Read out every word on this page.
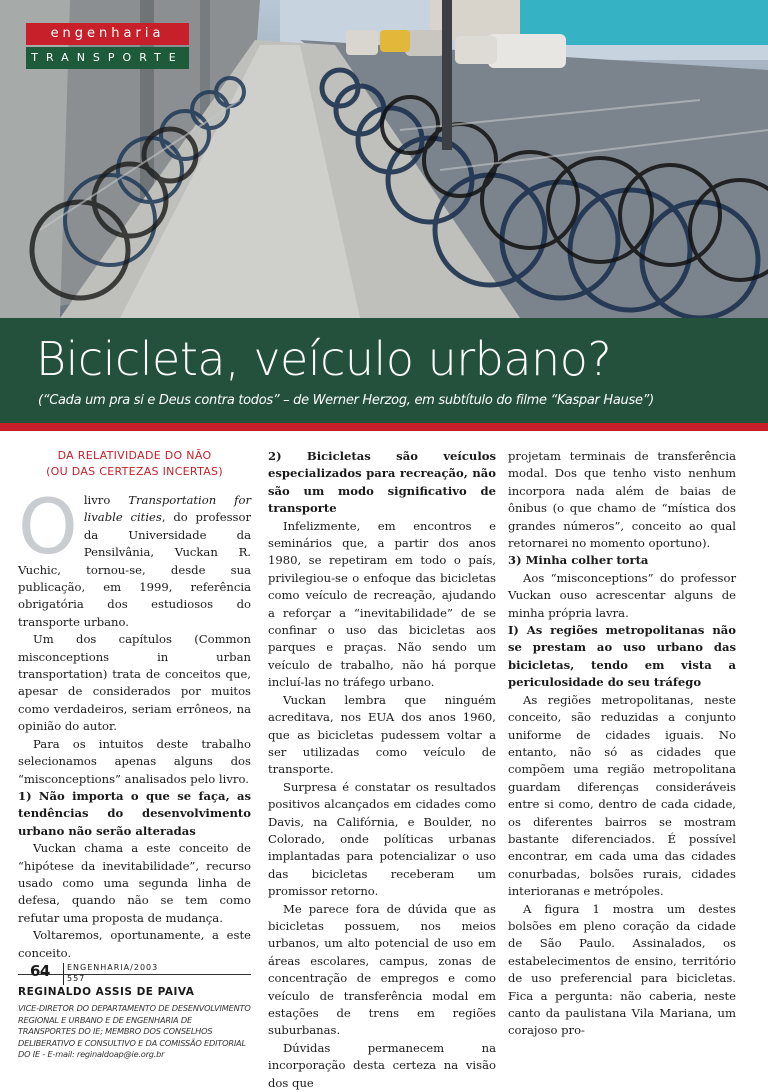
engenharia
TRANSPORTE
Bicicleta, veículo urbano?
(“Cada um pra si e Deus contra todos” – de Werner Herzog, em subtítulo do filme “Kaspar Hause”)
DA RELATIVIDADE DO NÃO
(OU DAS CERTEZAS INCERTAS)

Olivro Transportation for livable cities, do professor da Universidade da Pensilvânia, Vuckan R. Vuchic, tornou-se, desde sua publicação, em 1999, referência obrigatória dos estudiosos do transporte urbano.

Um dos capítulos (Common misconceptions in urban transportation) trata de conceitos que, apesar de considerados por muitos como verdadeiros, seriam errôneos, na opinião do autor.

Para os intuitos deste trabalho selecionamos apenas alguns dos “misconceptions” analisados pelo livro.

1) Não importa o que se faça, as tendências do desenvolvimento urbano não serão alteradas

Vuckan chama a este conceito de “hipótese da inevitabilidade”, recurso usado como uma segunda linha de defesa, quando não se tem como refutar uma proposta de mudança.

Voltaremos, oportunamente, a este conceito.

REGINALDO ASSIS DE PAIVA
VICE-DIRETOR DO DEPARTAMENTO DE DESENVOLVIMENTO REGIONAL E URBANO E DE ENGENHARIA DE TRANSPORTES DO IE; MEMBRO DOS CONSELHOS DELIBERATIVO E CONSULTIVO E DA COMISSÃO EDITORIAL DO IE - E-mail: reginaldoap@ie.org.br

2) Bicicletas são veículos especializados para recreação, não são um modo significativo de transporte

Infelizmente, em encontros e seminários que, a partir dos anos 1980, se repetiram em todo o país, privilegiou-se o enfoque das bicicletas como veículo de recreação, ajudando a reforçar a “inevitabilidade” de se confinar o uso das bicicletas aos parques e praças. Não sendo um veículo de trabalho, não há porque incluí-las no tráfego urbano.

Vuckan lembra que ninguém acreditava, nos EUA dos anos 1960, que as bicicletas pudessem voltar a ser utilizadas como veículo de transporte.

Surpresa é constatar os resultados positivos alcançados em cidades como Davis, na Califórnia, e Boulder, no Colorado, onde políticas urbanas implantadas para potencializar o uso das bicicletas receberam um promissor retorno.

Me parece fora de dúvida que as bicicletas possuem, nos meios urbanos, um alto potencial de uso em áreas escolares, campus, zonas de concentração de empregos e como veículo de transferência modal em estações de trens em regiões suburbanas.

Dúvidas permanecem na incorporação desta certeza na visão dos que

projetam terminais de transferência modal. Dos que tenho visto nenhum incorpora nada além de baias de ônibus (o que chamo de “mística dos grandes números”, conceito ao qual retornarei no momento oportuno).

3) Minha colher torta

Aos “misconceptions” do professor Vuckan ouso acrescentar alguns de minha própria lavra.

I) As regiões metropolitanas não se prestam ao uso urbano das bicicletas, tendo em vista a periculosidade do seu tráfego

As regiões metropolitanas, neste conceito, são reduzidas a conjunto uniforme de cidades iguais. No entanto, não só as cidades que compõem uma região metropolitana guardam diferenças consideráveis entre si como, dentro de cada cidade, os diferentes bairros se mostram bastante diferenciados. É possível encontrar, em cada uma das cidades conurbadas, bolsões rurais, cidades interioranas e metrópoles.

A figura 1 mostra um destes bolsões em pleno coração da cidade de São Paulo. Assinalados, os estabelecimentos de ensino, território de uso preferencial para bicicletas. Fica a pergunta: não caberia, neste canto da paulistana Vila Mariana, um corajoso pro-

64 ENGENHARIA/2003
557
